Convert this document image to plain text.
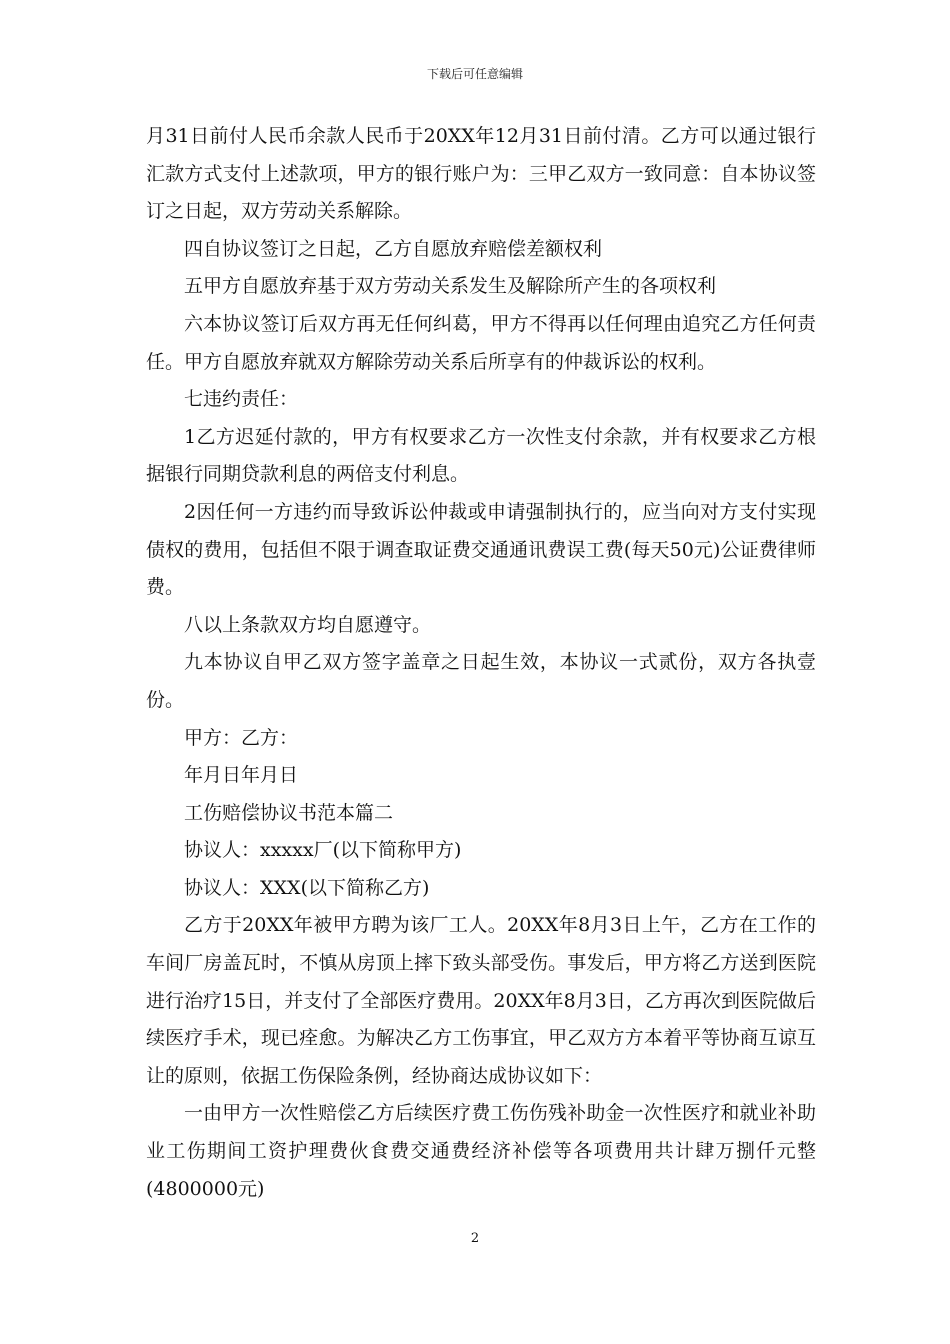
下载后可任意编辑

月31日前付人民币余款人民币于20XX年12月31日前付清。乙方可以通过银行汇款方式支付上述款项，甲方的银行账户为：三甲乙双方一致同意：自本协议签订之日起，双方劳动关系解除。

四自协议签订之日起，乙方自愿放弃赔偿差额权利

五甲方自愿放弃基于双方劳动关系发生及解除所产生的各项权利

六本协议签订后双方再无任何纠葛，甲方不得再以任何理由追究乙方任何责任。甲方自愿放弃就双方解除劳动关系后所享有的仲裁诉讼的权利。

七违约责任：

1乙方迟延付款的，甲方有权要求乙方一次性支付余款，并有权要求乙方根据银行同期贷款利息的两倍支付利息。

2因任何一方违约而导致诉讼仲裁或申请强制执行的，应当向对方支付实现债权的费用，包括但不限于调查取证费交通通讯费误工费(每天50元)公证费律师费。

八以上条款双方均自愿遵守。

九本协议自甲乙双方签字盖章之日起生效，本协议一式贰份，双方各执壹份。

甲方：乙方：

年月日年月日

工伤赔偿协议书范本篇二

协议人：xxxxx厂(以下简称甲方)

协议人：XXX(以下简称乙方)

乙方于20XX年被甲方聘为该厂工人。20XX年8月3日上午，乙方在工作的车间厂房盖瓦时，不慎从房顶上摔下致头部受伤。事发后，甲方将乙方送到医院进行治疗15日，并支付了全部医疗费用。20XX年8月3日，乙方再次到医院做后续医疗手术，现已痊愈。为解决乙方工伤事宜，甲乙双方方本着平等协商互谅互让的原则，依据工伤保险条例，经协商达成协议如下：

一由甲方一次性赔偿乙方后续医疗费工伤伤残补助金一次性医疗和就业补助业工伤期间工资护理费伙食费交通费经济补偿等各项费用共计肆万捌仟元整(4800000元)

2
